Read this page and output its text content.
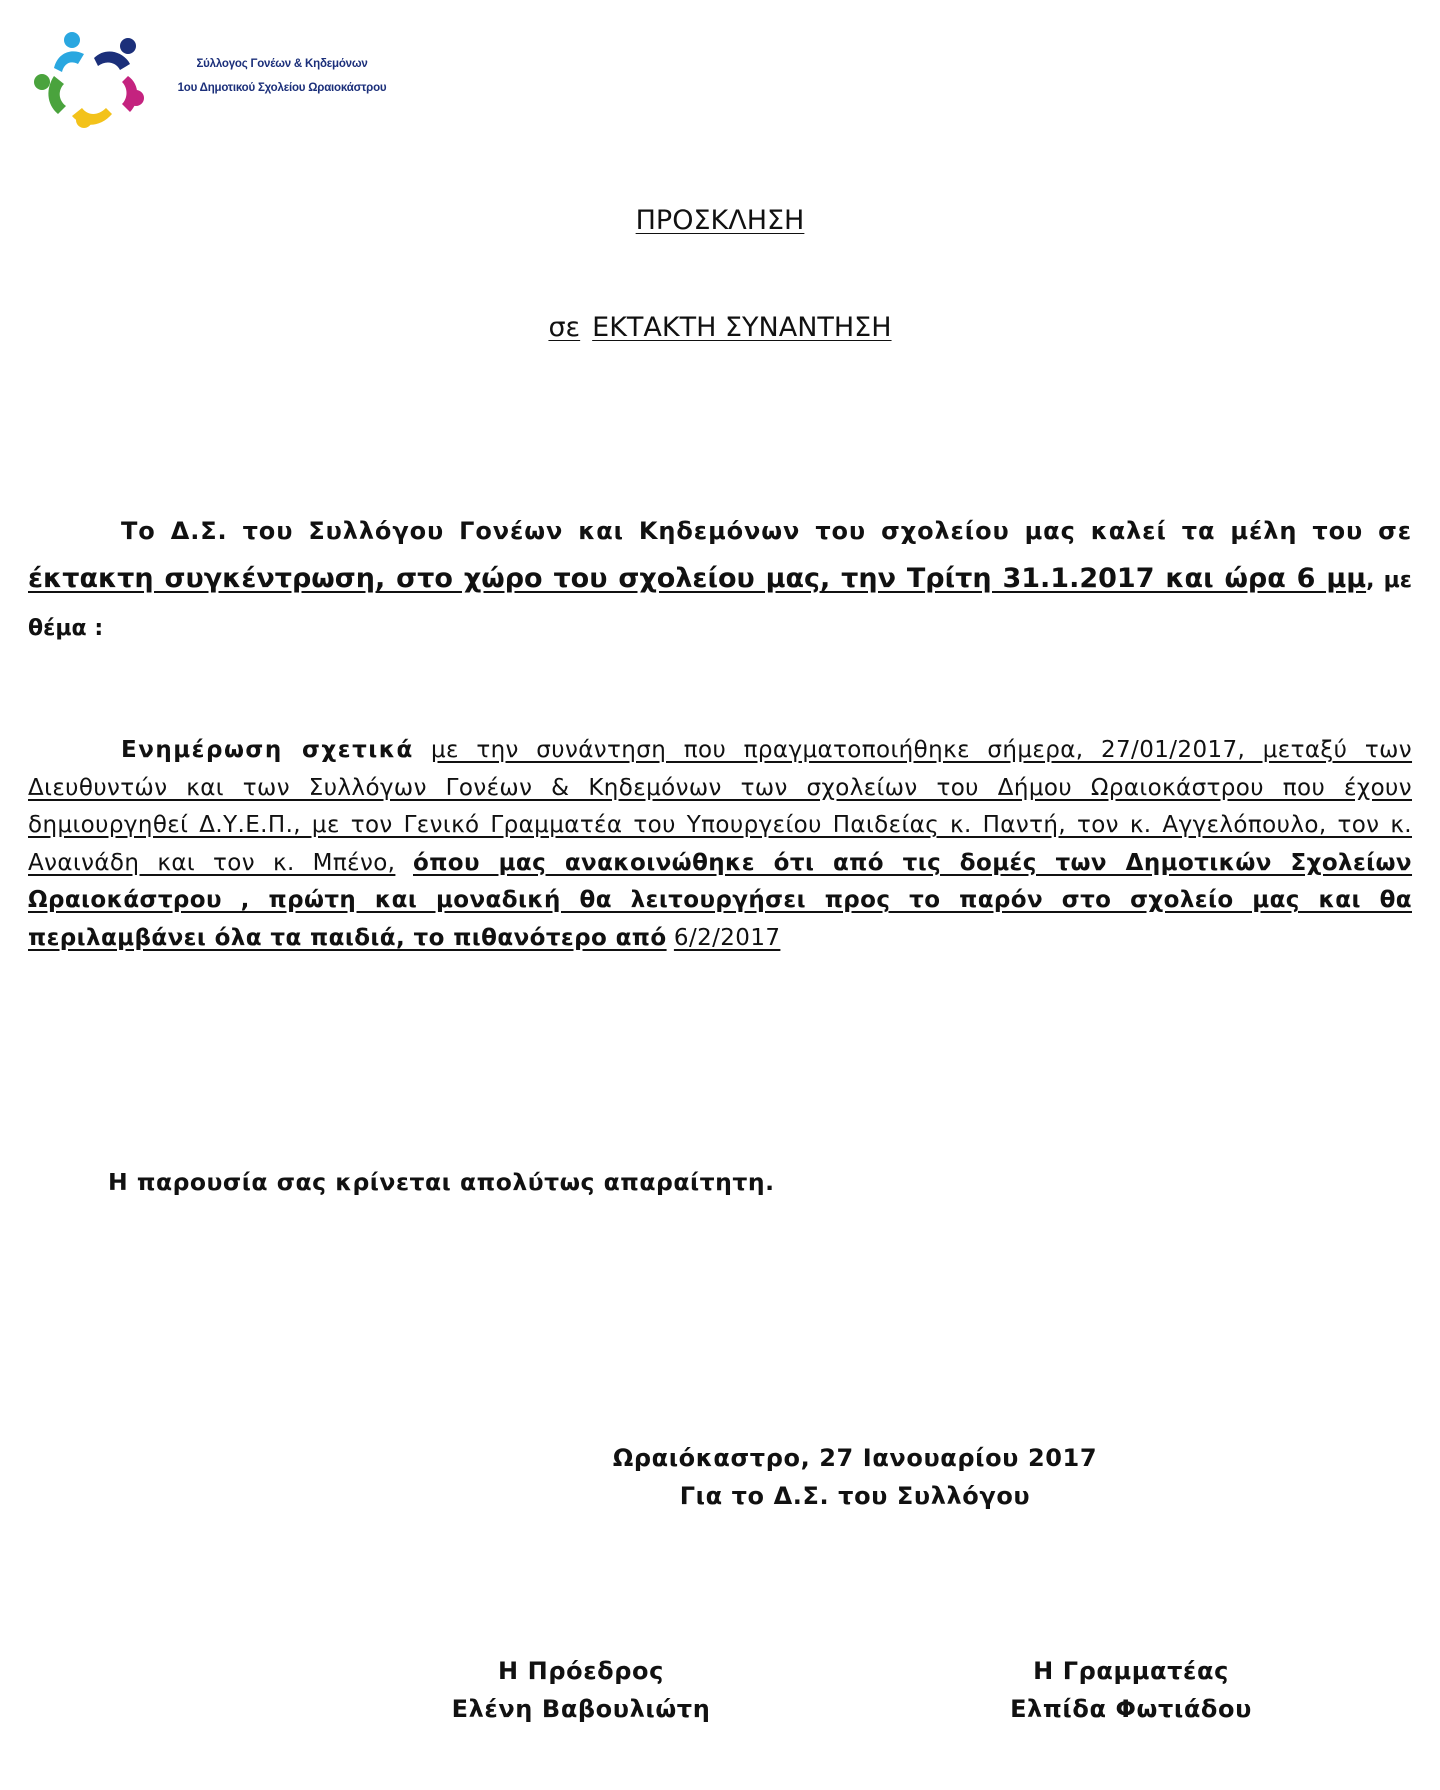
Σύλλογος Γονέων & Κηδεμόνων
1ου Δημοτικού Σχολείου Ωραιοκάστρου
ΠΡΟΣΚΛΗΣΗ
σε ΕΚΤΑΚΤΗ ΣΥΝΑΝΤΗΣΗ
Το Δ.Σ. του Συλλόγου Γονέων και Κηδεμόνων του σχολείου μας καλεί τα μέλη του σε έκτακτη συγκέντρωση, στο χώρο του σχολείου μας, την Τρίτη 31.1.2017 και ώρα 6 μμ, με θέμα :
Ενημέρωση σχετικά με την συνάντηση που πραγματοποιήθηκε σήμερα, 27/01/2017, μεταξύ των Διευθυντών και των Συλλόγων Γονέων & Κηδεμόνων των σχολείων του Δήμου Ωραιοκάστρου που έχουν δημιουργηθεί Δ.Υ.Ε.Π., με τον Γενικό Γραμματέα του Υπουργείου Παιδείας κ. Παντή, τον κ. Αγγελόπουλο, τον κ. Αναινάδη και τον κ. Μπένο, όπου μας ανακοινώθηκε ότι από τις δομές των Δημοτικών Σχολείων Ωραιοκάστρου , πρώτη και μοναδική θα λειτουργήσει προς το παρόν στο σχολείο μας και θα περιλαμβάνει όλα τα παιδιά, το πιθανότερο από 6/2/2017
Η παρουσία σας κρίνεται απολύτως απαραίτητη.
Ωραιόκαστρο, 27 Ιανουαρίου 2017
Για το Δ.Σ. του Συλλόγου
Η Πρόεδρος
Ελένη Βαβουλιώτη
Η Γραμματέας
Ελπίδα Φωτιάδου
